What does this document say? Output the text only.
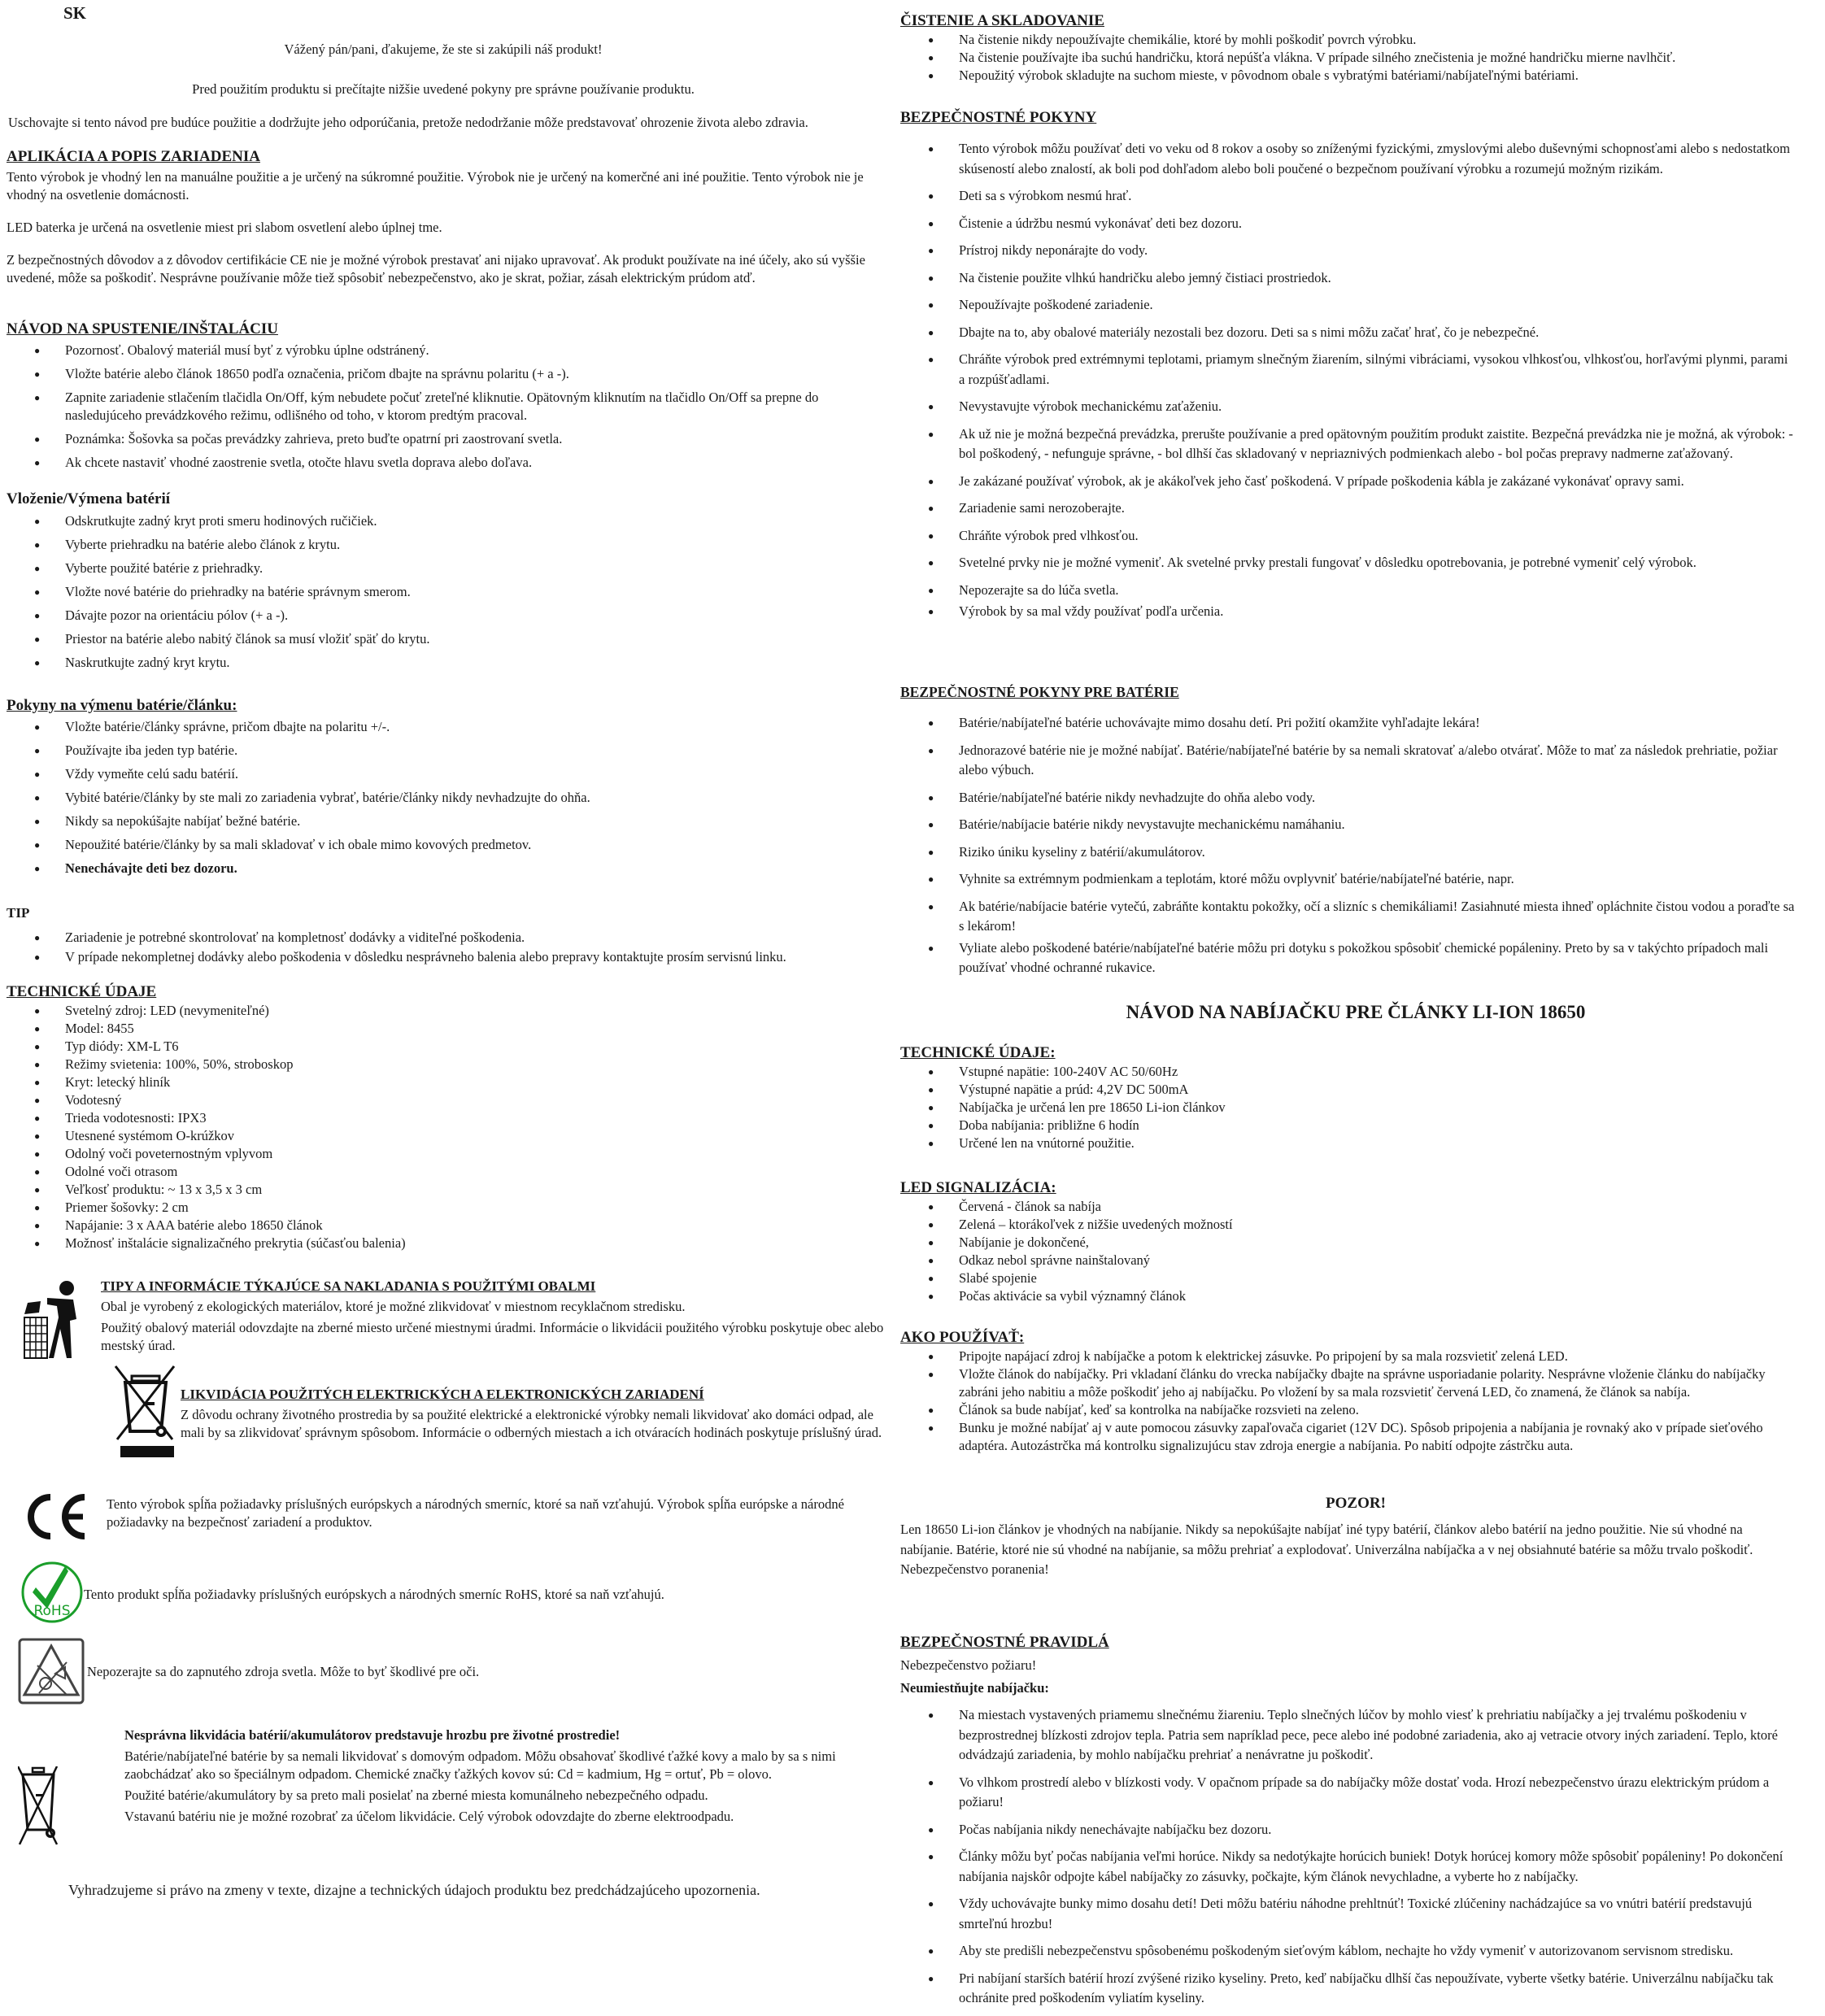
SK

Vážený pán/pani, ďakujeme, že ste si zakúpili náš produkt!

Pred použitím produktu si prečítajte nižšie uvedené pokyny pre správne používanie produktu.

Uschovajte si tento návod pre budúce použitie a dodržujte jeho odporúčania, pretože nedodržanie môže predstavovať ohrozenie života alebo zdravia.

APLIKÁCIA A POPIS ZARIADENIA

Tento výrobok je vhodný len na manuálne použitie a je určený na súkromné použitie. Výrobok nie je určený na komerčné ani iné použitie. Tento výrobok nie je vhodný na osvetlenie domácnosti.

LED baterka je určená na osvetlenie miest pri slabom osvetlení alebo úplnej tme.

Z bezpečnostných dôvodov a z dôvodov certifikácie CE nie je možné výrobok prestavať ani nijako upravovať. Ak produkt používate na iné účely, ako sú vyššie uvedené, môže sa poškodiť. Nesprávne používanie môže tiež spôsobiť nebezpečenstvo, ako je skrat, požiar, zásah elektrickým prúdom atď.

NÁVOD NA SPUSTENIE/INŠTALÁCIU
● Pozornosť. Obalový materiál musí byť z výrobku úplne odstránený.
● Vložte batérie alebo článok 18650 podľa označenia, pričom dbajte na správnu polaritu (+ a -).
● Zapnite zariadenie stlačením tlačidla On/Off, kým nebudete počuť zreteľné kliknutie. Opätovným kliknutím na tlačidlo On/Off sa prepne do nasledujúceho prevádzkového režimu, odlišného od toho, v ktorom predtým pracoval.
● Poznámka: Šošovka sa počas prevádzky zahrieva, preto buďte opatrní pri zaostrovaní svetla.
● Ak chcete nastaviť vhodné zaostrenie svetla, otočte hlavu svetla doprava alebo doľava.
Vloženie/Výmena batérií
● Odskrutkujte zadný kryt proti smeru hodinových ručičiek.
● Vyberte priehradku na batérie alebo článok z krytu.
● Vyberte použité batérie z priehradky.
● Vložte nové batérie do priehradky na batérie správnym smerom.
● Dávajte pozor na orientáciu pólov (+ a -).
● Priestor na batérie alebo nabitý článok sa musí vložiť späť do krytu.
● Naskrutkujte zadný kryt krytu.
Pokyny na výmenu batérie/článku:
● Vložte batérie/články správne, pričom dbajte na polaritu +/-.
● Používajte iba jeden typ batérie.
● Vždy vymeňte celú sadu batérií.
● Vybité batérie/články by ste mali zo zariadenia vybrať, batérie/články nikdy nevhadzujte do ohňa.
● Nikdy sa nepokúšajte nabíjať bežné batérie.
● Nepoužité batérie/články by sa mali skladovať v ich obale mimo kovových predmetov.
● Nenechávajte deti bez dozoru.
TIP
● Zariadenie je potrebné skontrolovať na kompletnosť dodávky a viditeľné poškodenia.
● V prípade nekompletnej dodávky alebo poškodenia v dôsledku nesprávneho balenia alebo prepravy kontaktujte prosím servisnú linku.
TECHNICKÉ ÚDAJE
● Svetelný zdroj: LED (nevymeniteľné)
● Model: 8455
● Typ diódy: XM-L T6
● Režimy svietenia: 100%, 50%, stroboskop
● Kryt: letecký hliník
● Vodotesný
● Trieda vodotesnosti: IPX3
● Utesnené systémom O-krúžkov
● Odolný voči poveternostným vplyvom
● Odolné voči otrasom
● Veľkosť produktu: ~ 13 x 3,5 x 3 cm
● Priemer šošovky: 2 cm
● Napájanie: 3 x AAA batérie alebo 18650 článok
● Možnosť inštalácie signalizačného prekrytia (súčasťou balenia)
TIPY A INFORMÁCIE TÝKAJÚCE SA NAKLADANIA S POUŽITÝMI OBALMI

Obal je vyrobený z ekologických materiálov, ktoré je možné zlikvidovať v miestnom recyklačnom stredisku.

Použitý obalový materiál odovzdajte na zberné miesto určené miestnymi úradmi. Informácie o likvidácii použitého výrobku poskytuje obec alebo mestský úrad.

LIKVIDÁCIA POUŽITÝCH ELEKTRICKÝCH A ELEKTRONICKÝCH ZARIADENÍ

Z dôvodu ochrany životného prostredia by sa použité elektrické a elektronické výrobky nemali likvidovať ako domáci odpad, ale mali by sa zlikvidovať správnym spôsobom. Informácie o odberných miestach a ich otváracích hodinách poskytuje príslušný úrad.

Tento výrobok spĺňa požiadavky príslušných európskych a národných smerníc, ktoré sa naň vzťahujú. Výrobok spĺňa európske a národné požiadavky na bezpečnosť zariadení a produktov.

RoHS

Tento produkt spĺňa požiadavky príslušných európskych a národných smerníc RoHS, ktoré sa naň vzťahujú.

Nepozerajte sa do zapnutého zdroja svetla. Môže to byť škodlivé pre oči.

Nesprávna likvidácia batérií/akumulátorov predstavuje hrozbu pre životné prostredie!

Batérie/nabíjateľné batérie by sa nemali likvidovať s domovým odpadom. Môžu obsahovať škodlivé ťažké kovy a malo by sa s nimi zaobchádzať ako so špeciálnym odpadom. Chemické značky ťažkých kovov sú: Cd = kadmium, Hg = ortuť, Pb = olovo.

Použité batérie/akumulátory by sa preto mali posielať na zberné miesta komunálneho nebezpečného odpadu.

Vstavanú batériu nie je možné rozobrať za účelom likvidácie. Celý výrobok odovzdajte do zberne elektroodpadu.

Vyhradzujeme si právo na zmeny v texte, dizajne a technických údajoch produktu bez predchádzajúceho upozornenia.

ČISTENIE A SKLADOVANIE
● Na čistenie nikdy nepoužívajte chemikálie, ktoré by mohli poškodiť povrch výrobku.
● Na čistenie používajte iba suchú handričku, ktorá nepúšťa vlákna. V prípade silného znečistenia je možné handričku mierne navlhčiť.
● Nepoužitý výrobok skladujte na suchom mieste, v pôvodnom obale s vybratými batériami/nabíjateľnými batériami.
BEZPEČNOSTNÉ POKYNY
● Tento výrobok môžu používať deti vo veku od 8 rokov a osoby so zníženými fyzickými, zmyslovými alebo duševnými schopnosťami alebo s nedostatkom skúseností alebo znalostí, ak boli pod dohľadom alebo boli poučené o bezpečnom používaní výrobku a rozumejú možným rizikám.
● Deti sa s výrobkom nesmú hrať.
● Čistenie a údržbu nesmú vykonávať deti bez dozoru.
● Prístroj nikdy neponárajte do vody.
● Na čistenie použite vlhkú handričku alebo jemný čistiaci prostriedok.
● Nepoužívajte poškodené zariadenie.
● Dbajte na to, aby obalové materiály nezostali bez dozoru. Deti sa s nimi môžu začať hrať, čo je nebezpečné.
● Chráňte výrobok pred extrémnymi teplotami, priamym slnečným žiarením, silnými vibráciami, vysokou vlhkosťou, vlhkosťou, horľavými plynmi, parami a rozpúšťadlami.
● Nevystavujte výrobok mechanickému zaťaženiu.
● Ak už nie je možná bezpečná prevádzka, prerušte používanie a pred opätovným použitím produkt zaistite. Bezpečná prevádzka nie je možná, ak výrobok: - bol poškodený, - nefunguje správne, - bol dlhší čas skladovaný v nepriaznivých podmienkach alebo - bol počas prepravy nadmerne zaťažovaný.
● Je zakázané používať výrobok, ak je akákoľvek jeho časť poškodená. V prípade poškodenia kábla je zakázané vykonávať opravy sami.
● Zariadenie sami nerozoberajte.
● Chráňte výrobok pred vlhkosťou.
● Svetelné prvky nie je možné vymeniť. Ak svetelné prvky prestali fungovať v dôsledku opotrebovania, je potrebné vymeniť celý výrobok.
● Nepozerajte sa do lúča svetla.
● Výrobok by sa mal vždy používať podľa určenia.
BEZPEČNOSTNÉ POKYNY PRE BATÉRIE
● Batérie/nabíjateľné batérie uchovávajte mimo dosahu detí. Pri požití okamžite vyhľadajte lekára!
● Jednorazové batérie nie je možné nabíjať. Batérie/nabíjateľné batérie by sa nemali skratovať a/alebo otvárať. Môže to mať za následok prehriatie, požiar alebo výbuch.
● Batérie/nabíjateľné batérie nikdy nevhadzujte do ohňa alebo vody.
● Batérie/nabíjacie batérie nikdy nevystavujte mechanickému namáhaniu.
● Riziko úniku kyseliny z batérií/akumulátorov.
● Vyhnite sa extrémnym podmienkam a teplotám, ktoré môžu ovplyvniť batérie/nabíjateľné batérie, napr.
● Ak batérie/nabíjacie batérie vytečú, zabráňte kontaktu pokožky, očí a slizníc s chemikáliami! Zasiahnuté miesta ihneď opláchnite čistou vodou a poraďte sa s lekárom!
● Vyliate alebo poškodené batérie/nabíjateľné batérie môžu pri dotyku s pokožkou spôsobiť chemické popáleniny. Preto by sa v takýchto prípadoch mali používať vhodné ochranné rukavice.
NÁVOD NA NABÍJAČKU PRE ČLÁNKY LI-ION 18650
TECHNICKÉ ÚDAJE:
● Vstupné napätie: 100-240V AC 50/60Hz
● Výstupné napätie a prúd: 4,2V DC 500mA
● Nabíjačka je určená len pre 18650 Li-ion článkov
● Doba nabíjania: približne 6 hodín
● Určené len na vnútorné použitie.
LED SIGNALIZÁCIA:
● Červená - článok sa nabíja
● Zelená – ktorákoľvek z nižšie uvedených možností
● Nabíjanie je dokončené,
● Odkaz nebol správne nainštalovaný
● Slabé spojenie
● Počas aktivácie sa vybil významný článok
AKO POUŽÍVAŤ:
● Pripojte napájací zdroj k nabíjačke a potom k elektrickej zásuvke. Po pripojení by sa mala rozsvietiť zelená LED.
● Vložte článok do nabíjačky. Pri vkladaní článku do vrecka nabíjačky dbajte na správne usporiadanie polarity. Nesprávne vloženie článku do nabíjačky zabráni jeho nabitiu a môže poškodiť jeho aj nabíjačku. Po vložení by sa mala rozsvietiť červená LED, čo znamená, že článok sa nabíja.
● Článok sa bude nabíjať, keď sa kontrolka na nabíjačke rozsvieti na zeleno.
● Bunku je možné nabíjať aj v aute pomocou zásuvky zapaľovača cigariet (12V DC). Spôsob pripojenia a nabíjania je rovnaký ako v prípade sieťového adaptéra. Autozástrčka má kontrolku signalizujúcu stav zdroja energie a nabíjania. Po nabití odpojte zástrčku auta.
POZOR!

Len 18650 Li-ion článkov je vhodných na nabíjanie. Nikdy sa nepokúšajte nabíjať iné typy batérií, článkov alebo batérií na jedno použitie. Nie sú vhodné na nabíjanie. Batérie, ktoré nie sú vhodné na nabíjanie, sa môžu prehriať a explodovať. Univerzálna nabíjačka a v nej obsiahnuté batérie sa môžu trvalo poškodiť. Nebezpečenstvo poranenia!

BEZPEČNOSTNÉ PRAVIDLÁ

Nebezpečenstvo požiaru!

Neumiestňujte nabíjačku:

● Na miestach vystavených priamemu slnečnému žiareniu. Teplo slnečných lúčov by mohlo viesť k prehriatiu nabíjačky a jej trvalému poškodeniu v bezprostrednej blízkosti zdrojov tepla. Patria sem napríklad pece, pece alebo iné podobné zariadenia, ako aj vetracie otvory iných zariadení. Teplo, ktoré odvádzajú zariadenia, by mohlo nabíjačku prehriať a nenávratne ju poškodiť.
● Vo vlhkom prostredí alebo v blízkosti vody. V opačnom prípade sa do nabíjačky môže dostať voda. Hrozí nebezpečenstvo úrazu elektrickým prúdom a požiaru!
● Počas nabíjania nikdy nenechávajte nabíjačku bez dozoru.
● Články môžu byť počas nabíjania veľmi horúce. Nikdy sa nedotýkajte horúcich buniek! Dotyk horúcej komory môže spôsobiť popáleniny! Po dokončení nabíjania najskôr odpojte kábel nabíjačky zo zásuvky, počkajte, kým článok nevychladne, a vyberte ho z nabíjačky.
● Vždy uchovávajte bunky mimo dosahu detí! Deti môžu batériu náhodne prehltnúť! Toxické zlúčeniny nachádzajúce sa vo vnútri batérií predstavujú smrteľnú hrozbu!
● Aby ste predišli nebezpečenstvu spôsobenému poškodeným sieťovým káblom, nechajte ho vždy vymeniť v autorizovanom servisnom stredisku.
● Pri nabíjaní starších batérií hrozí zvýšené riziko kyseliny. Preto, keď nabíjačku dlhší čas nepoužívate, vyberte všetky batérie. Univerzálnu nabíjačku tak ochránite pred poškodením vyliatím kyseliny.
